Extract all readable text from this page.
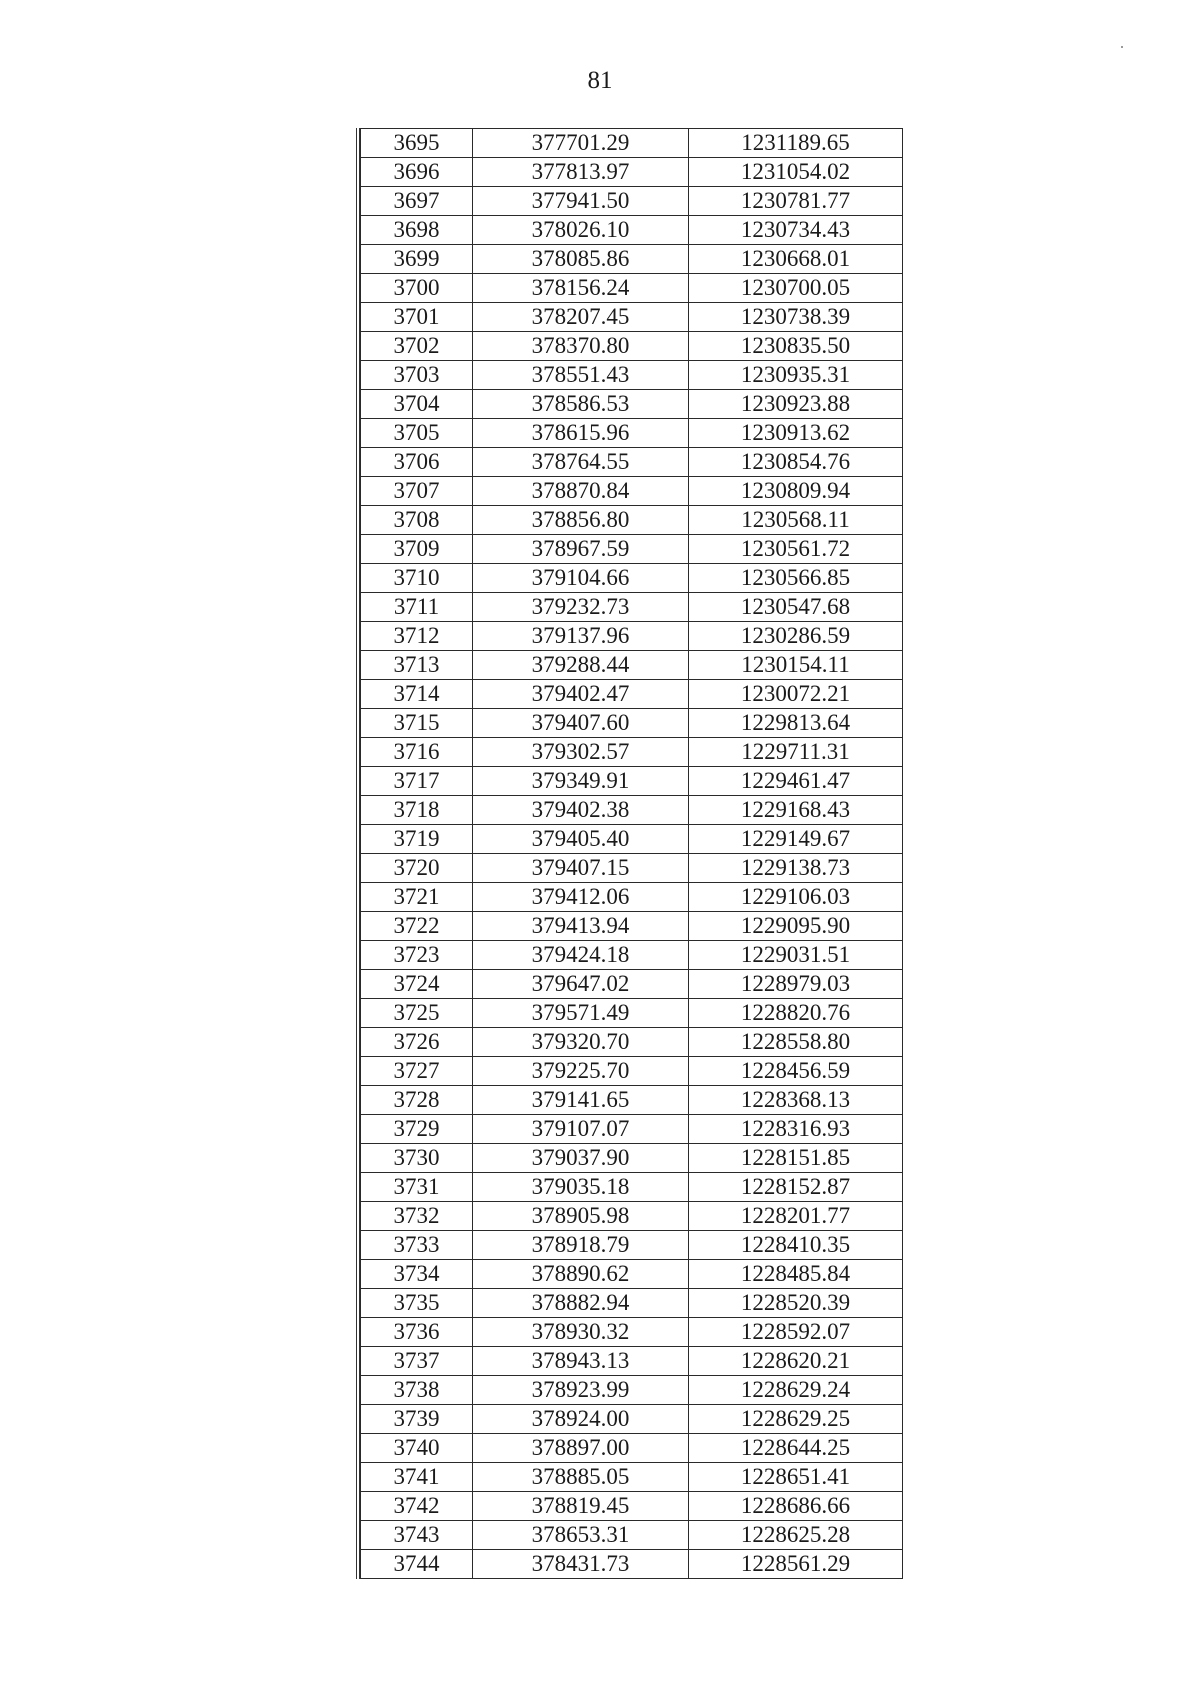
81
3695	377701.29	1231189.65
3696	377813.97	1231054.02
3697	377941.50	1230781.77
3698	378026.10	1230734.43
3699	378085.86	1230668.01
3700	378156.24	1230700.05
3701	378207.45	1230738.39
3702	378370.80	1230835.50
3703	378551.43	1230935.31
3704	378586.53	1230923.88
3705	378615.96	1230913.62
3706	378764.55	1230854.76
3707	378870.84	1230809.94
3708	378856.80	1230568.11
3709	378967.59	1230561.72
3710	379104.66	1230566.85
3711	379232.73	1230547.68
3712	379137.96	1230286.59
3713	379288.44	1230154.11
3714	379402.47	1230072.21
3715	379407.60	1229813.64
3716	379302.57	1229711.31
3717	379349.91	1229461.47
3718	379402.38	1229168.43
3719	379405.40	1229149.67
3720	379407.15	1229138.73
3721	379412.06	1229106.03
3722	379413.94	1229095.90
3723	379424.18	1229031.51
3724	379647.02	1228979.03
3725	379571.49	1228820.76
3726	379320.70	1228558.80
3727	379225.70	1228456.59
3728	379141.65	1228368.13
3729	379107.07	1228316.93
3730	379037.90	1228151.85
3731	379035.18	1228152.87
3732	378905.98	1228201.77
3733	378918.79	1228410.35
3734	378890.62	1228485.84
3735	378882.94	1228520.39
3736	378930.32	1228592.07
3737	378943.13	1228620.21
3738	378923.99	1228629.24
3739	378924.00	1228629.25
3740	378897.00	1228644.25
3741	378885.05	1228651.41
3742	378819.45	1228686.66
3743	378653.31	1228625.28
3744	378431.73	1228561.29
